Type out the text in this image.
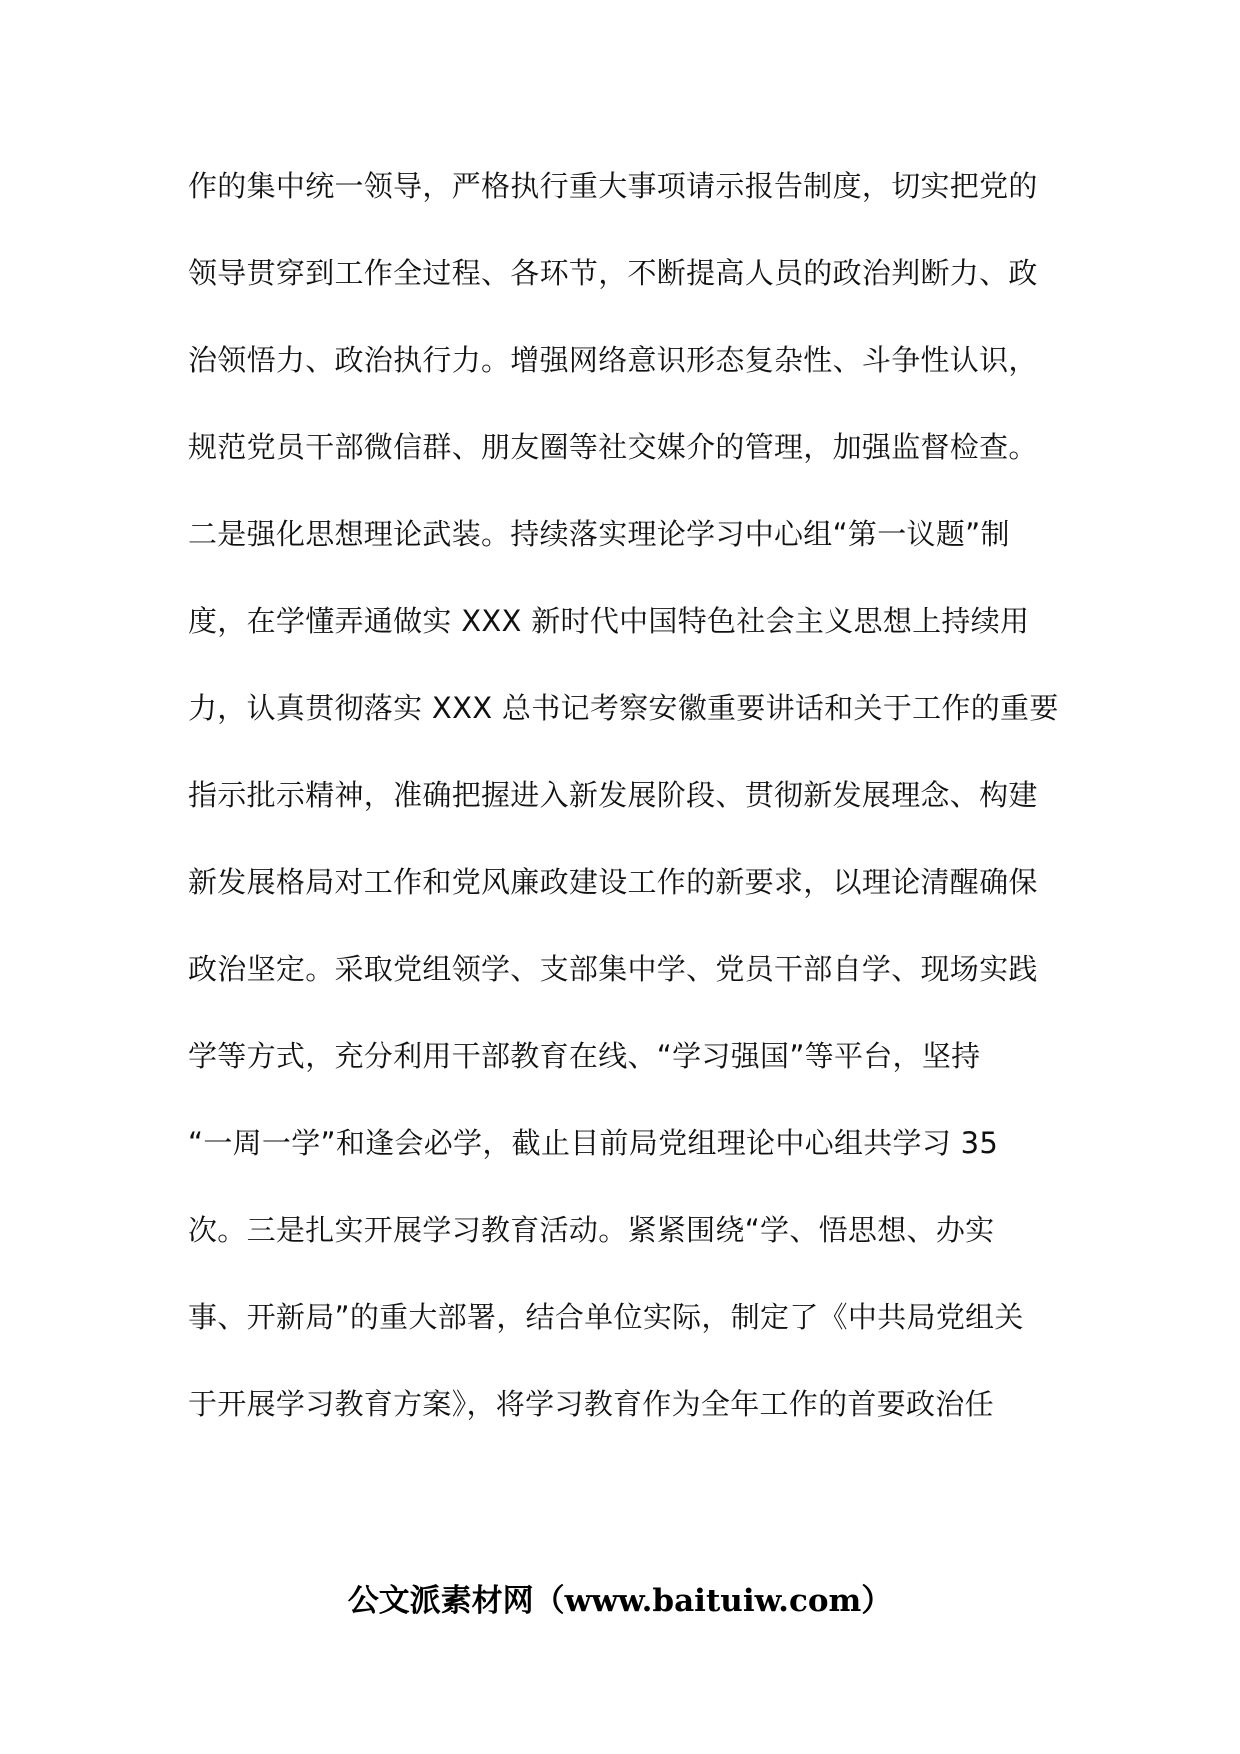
作的集中统一领导，严格执行重大事项请示报告制度，切实把党的
领导贯穿到工作全过程、各环节，不断提高人员的政治判断力、政
治领悟力、政治执行力。增强网络意识形态复杂性、斗争性认识，
规范党员干部微信群、朋友圈等社交媒介的管理，加强监督检查。
二是强化思想理论武装。持续落实理论学习中心组“第一议题”制
度，在学懂弄通做实 XXX 新时代中国特色社会主义思想上持续用
力，认真贯彻落实 XXX 总书记考察安徽重要讲话和关于工作的重要
指示批示精神，准确把握进入新发展阶段、贯彻新发展理念、构建
新发展格局对工作和党风廉政建设工作的新要求，以理论清醒确保
政治坚定。采取党组领学、支部集中学、党员干部自学、现场实践
学等方式，充分利用干部教育在线、“学习强国”等平台，坚持
“一周一学”和逢会必学，截止目前局党组理论中心组共学习 35
次。三是扎实开展学习教育活动。紧紧围绕“学、悟思想、办实
事、开新局”的重大部署，结合单位实际，制定了《中共局党组关
于开展学习教育方案》，将学习教育作为全年工作的首要政治任
公文派素材网（www.baituiw.com）
